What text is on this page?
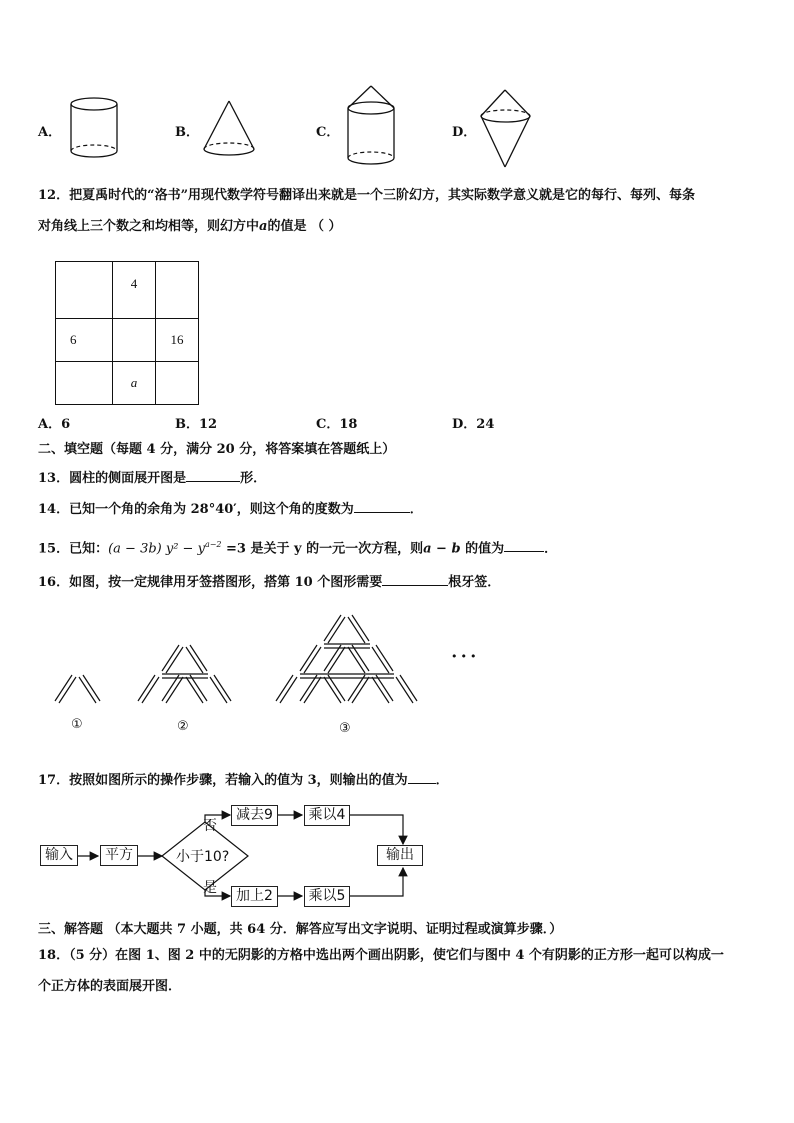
A．	B．	C．	D．
12．把夏禹时代的“洛书”用现代数学符号翻译出来就是一个三阶幻方，其实际数学意义就是它的每行、每列、每条
对角线上三个数之和均相等，则幻方中a的值是 （ ）
	4	
6		16
	a	
A．6	B．12	C．18	D．24
二、填空题（每题 4 分，满分 20 分，将答案填在答题纸上）
13．圆柱的侧面展开图是	形．
14．已知一个角的余角为 28°40′，则这个角的度数为	．
15．已知：(a − 3b) $y^2 - y^{a-2} =3$ 是关于 y 的一元一次方程，则a − b 的值为	．
16．如图，按一定规律用牙签搭图形，搭第 10 个图形需要	根牙签．
•••
①	②	③
17．按照如图所示的操作步骤，若输入的值为 3，则输出的值为 ．
输入	平方	小于10?
否
是
减去9	乘以4
加上2	乘以5
输出
三、解答题 （本大题共 7 小题，共 64 分．解答应写出文字说明、证明过程或演算步骤．）
18．（5 分）在图 1、图 2 中的无阴影的方格中选出两个画出阴影，使它们与图中 4 个有阴影的正方形一起可以构成一
个正方体的表面展开图．
